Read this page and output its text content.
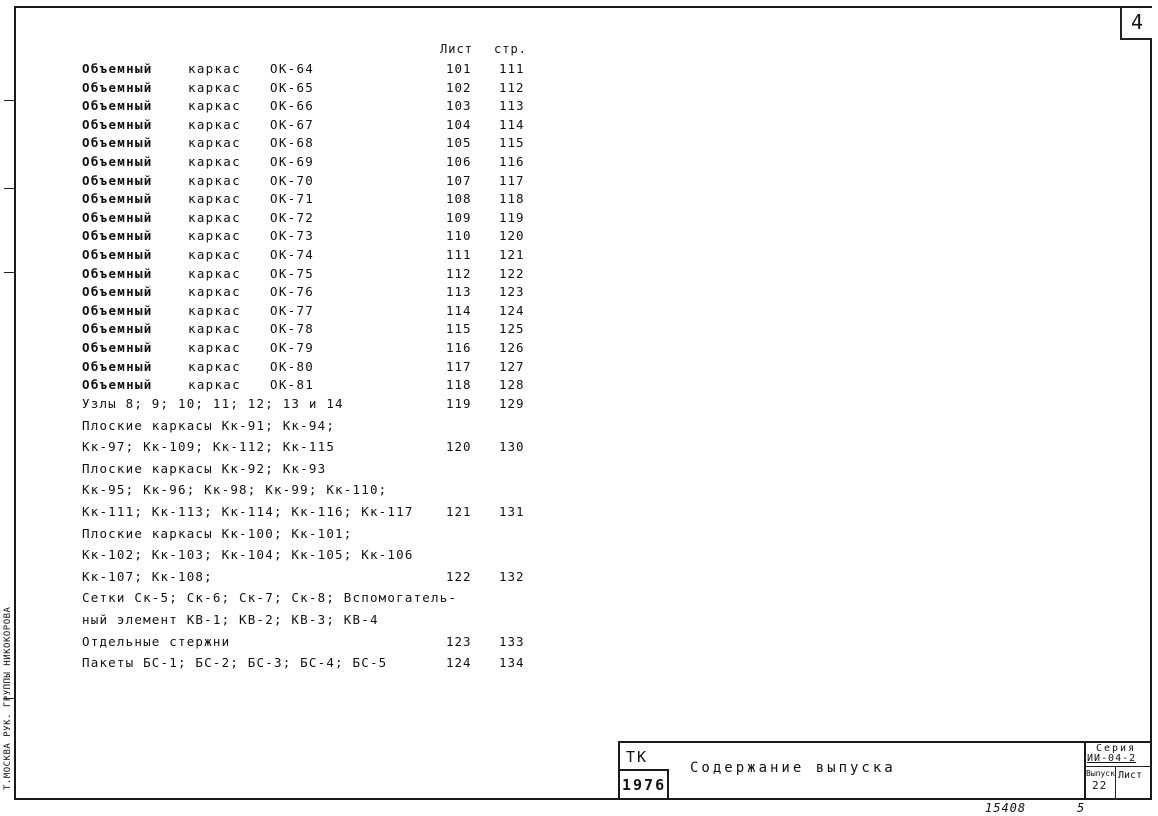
Т.МОСКВА РУК. ГРУППЫ НИКОКОРОВА
4
Лист стр.
Объемный	каркас ОК-64	101 111
Объемный	каркас ОК-65	102 112
Объемный	каркас ОК-66	103 113
Объемный	каркас ОК-67	104 114
Объемный	каркас ОК-68	105 115
Объемный	каркас ОК-69	106 116
Объемный	каркас ОК-70	107 117
Объемный	каркас ОК-71	108 118
Объемный	каркас ОК-72	109 119
Объемный	каркас ОК-73	110 120
Объемный	каркас ОК-74	111 121
Объемный	каркас ОК-75	112 122
Объемный	каркас ОК-76	113 123
Объемный	каркас ОК-77	114 124
Объемный	каркас ОК-78	115 125
Объемный	каркас ОК-79	116 126
Объемный	каркас ОК-80	117 127
Объемный	каркас ОК-81	118 128
Узлы 8; 9; 10; 11; 12; 13 и 14	119 129
Плоские каркасы Кк-91; Кк-94;
Кк-97; Кк-109; Кк-112; Кк-115	120 130
Плоские каркасы Кк-92; Кк-93
Кк-95; Кк-96; Кк-98; Кк-99; Кк-110;
Кк-111; Кк-113; Кк-114; Кк-116; Кк-117	121 131
Плоские каркасы Кк-100; Кк-101;
Кк-102; Кк-103; Кк-104; Кк-105; Кк-106
Кк-107; Кк-108;	122 132
Сетки Ск-5; Ск-6; Ск-7; Ск-8; Вспомогатель-
ный элемент КВ-1; КВ-2; КВ-3; КВ-4
Отдельные стержни	123 133
Пакеты БС-1; БС-2; БС-3; БС-4; БС-5	124 134
ТК
1976
Содержание выпуска
Серия
ИИ-04-2
Выпуск
22
Лист
15408	5
